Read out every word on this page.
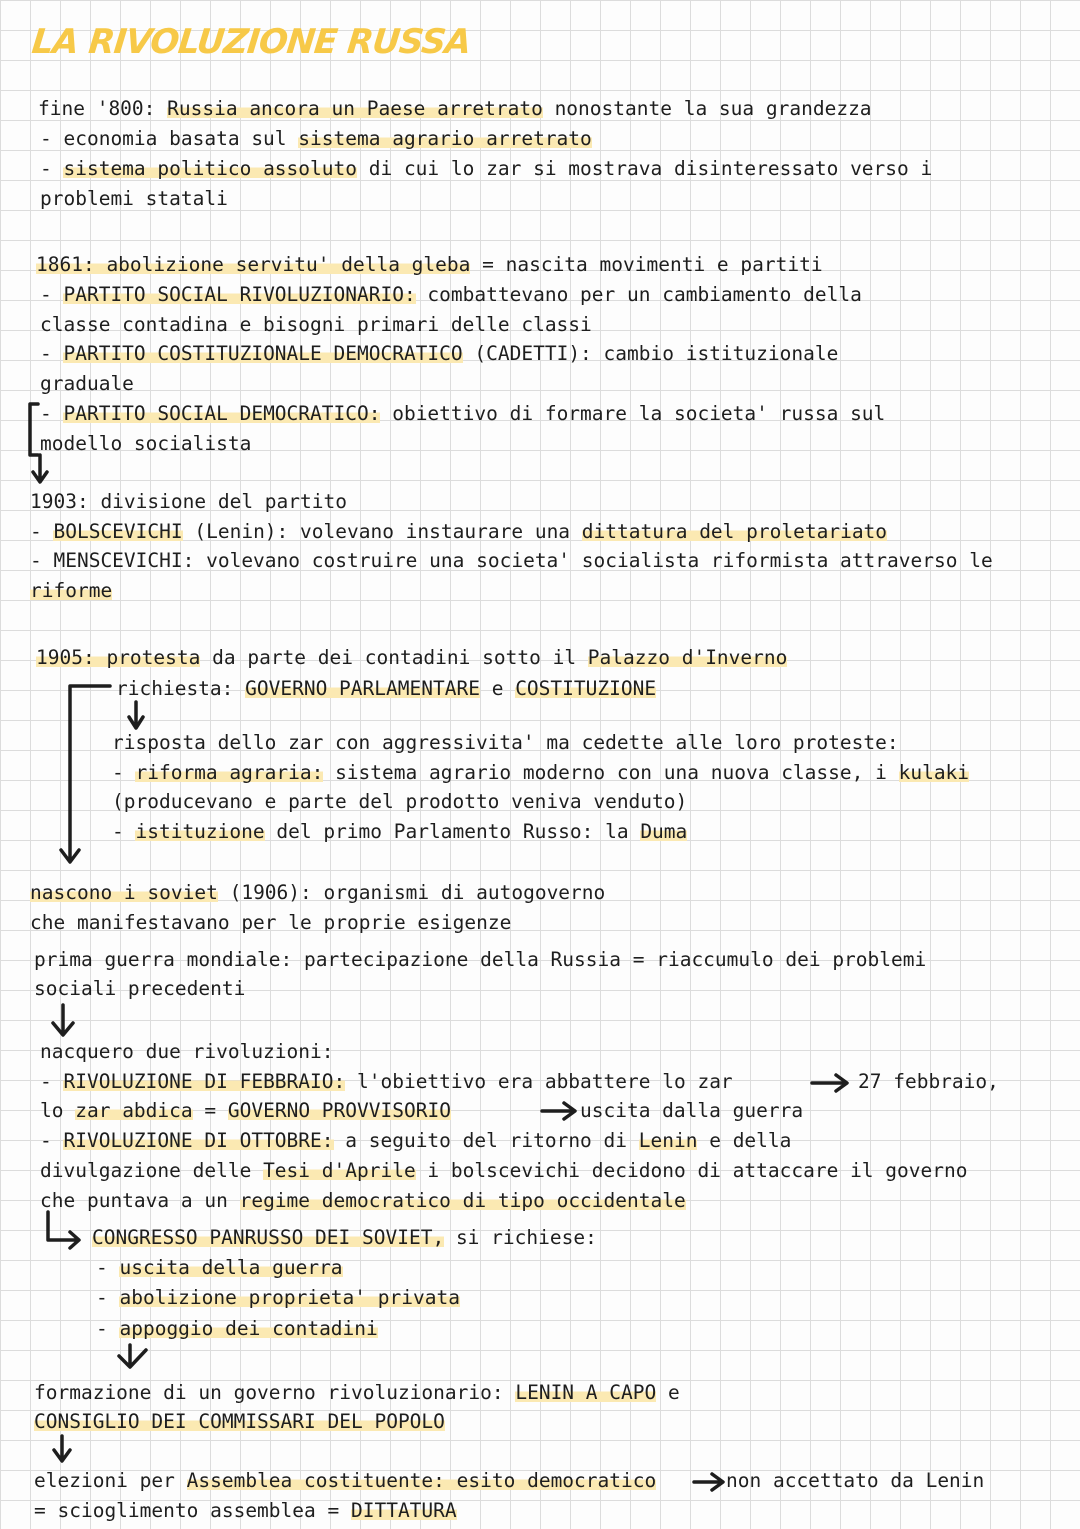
LA RIVOLUZIONE RUSSA
fine '800: Russia ancora un Paese arretrato nonostante la sua grandezza
- economia basata sul sistema agrario arretrato
- sistema politico assoluto di cui lo zar si mostrava disinteressato verso i
problemi statali
1861: abolizione servitu' della gleba = nascita movimenti e partiti
- PARTITO SOCIAL RIVOLUZIONARIO: combattevano per un cambiamento della
classe contadina e bisogni primari delle classi
- PARTITO COSTITUZIONALE DEMOCRATICO (CADETTI): cambio istituzionale
graduale
- PARTITO SOCIAL DEMOCRATICO: obiettivo di formare la societa' russa sul
modello socialista
1903: divisione del partito
- BOLSCEVICHI (Lenin): volevano instaurare una dittatura del proletariato
- MENSCEVICHI: volevano costruire una societa' socialista riformista attraverso le
riforme
1905: protesta da parte dei contadini sotto il Palazzo d'Inverno
richiesta: GOVERNO PARLAMENTARE e COSTITUZIONE
risposta dello zar con aggressivita' ma cedette alle loro proteste:
- riforma agraria: sistema agrario moderno con una nuova classe, i kulaki
(producevano e parte del prodotto veniva venduto)
- istituzione del primo Parlamento Russo: la Duma
nascono i soviet (1906): organismi di autogoverno
che manifestavano per le proprie esigenze
prima guerra mondiale: partecipazione della Russia = riaccumulo dei problemi
sociali precedenti
nacquero due rivoluzioni:
- RIVOLUZIONE DI FEBBRAIO: l'obiettivo era abbattere lo zar	27 febbraio,
lo zar abdica = GOVERNO PROVVISORIO	uscita dalla guerra
- RIVOLUZIONE DI OTTOBRE: a seguito del ritorno di Lenin e della
divulgazione delle Tesi d'Aprile i bolscevichi decidono di attaccare il governo
che puntava a un regime democratico di tipo occidentale
CONGRESSO PANRUSSO DEI SOVIET, si richiese:
- uscita della guerra
- abolizione proprieta' privata
- appoggio dei contadini
formazione di un governo rivoluzionario: LENIN A CAPO e
CONSIGLIO DEI COMMISSARI DEL POPOLO
elezioni per Assemblea costituente: esito democratico	non accettato da Lenin
= scioglimento assemblea = DITTATURA
